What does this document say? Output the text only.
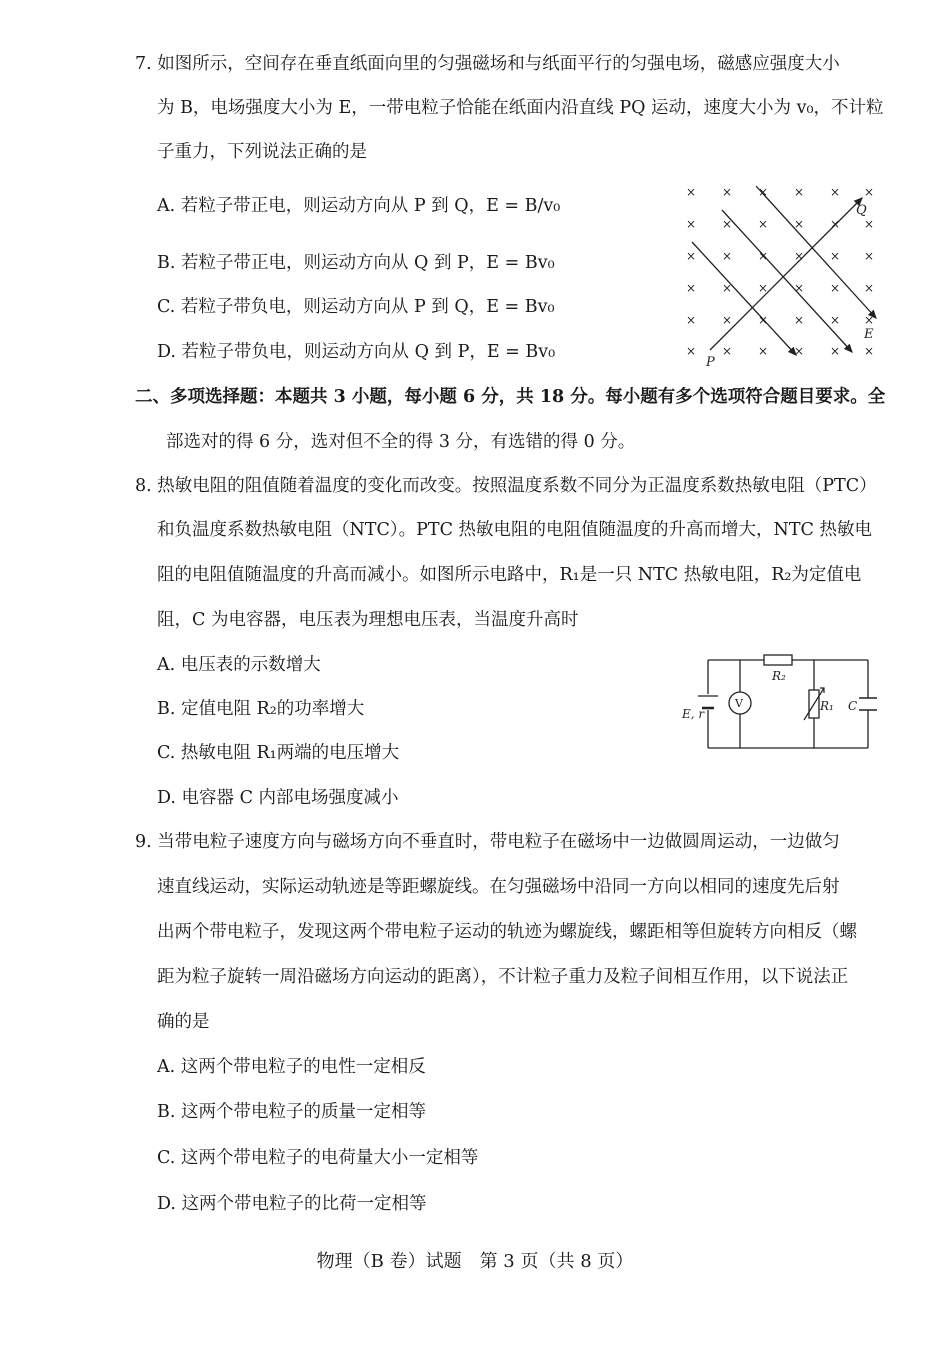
7. 如图所示，空间存在垂直纸面向里的匀强磁场和与纸面平行的匀强电场，磁感应强度大小
为 B，电场强度大小为 E，一带电粒子恰能在纸面内沿直线 PQ 运动，速度大小为 v₀，不计粒
子重力，下列说法正确的是
A. 若粒子带正电，则运动方向从 P 到 Q，E = B/v₀
B. 若粒子带正电，则运动方向从 Q 到 P，E = Bv₀
C. 若粒子带负电，则运动方向从 P 到 Q，E = Bv₀
D. 若粒子带负电，则运动方向从 Q 到 P，E = Bv₀
× × × × × ×
× × × × × ×
× × × × × ×
× × × × × ×
× × × × × ×
× × × × × ×
P
Q
E
二、多项选择题：本题共 3 小题，每小题 6 分，共 18 分。每小题有多个选项符合题目要求。全
部选对的得 6 分，选对但不全的得 3 分，有选错的得 0 分。
8. 热敏电阻的阻值随着温度的变化而改变。按照温度系数不同分为正温度系数热敏电阻（PTC）
和负温度系数热敏电阻（NTC）。PTC 热敏电阻的电阻值随温度的升高而增大，NTC 热敏电
阻的电阻值随温度的升高而减小。如图所示电路中，R₁是一只 NTC 热敏电阻，R₂为定值电
阻，C 为电容器，电压表为理想电压表，当温度升高时
A. 电压表的示数增大
B. 定值电阻 R₂的功率增大
C. 热敏电阻 R₁两端的电压增大
D. 电容器 C 内部电场强度减小
E, r
V
R₂
R₁ C
9. 当带电粒子速度方向与磁场方向不垂直时，带电粒子在磁场中一边做圆周运动，一边做匀
速直线运动，实际运动轨迹是等距螺旋线。在匀强磁场中沿同一方向以相同的速度先后射
出两个带电粒子，发现这两个带电粒子运动的轨迹为螺旋线，螺距相等但旋转方向相反（螺
距为粒子旋转一周沿磁场方向运动的距离），不计粒子重力及粒子间相互作用，以下说法正
确的是
A. 这两个带电粒子的电性一定相反
B. 这两个带电粒子的质量一定相等
C. 这两个带电粒子的电荷量大小一定相等
D. 这两个带电粒子的比荷一定相等
物理（B 卷）试题　第 3 页（共 8 页）
